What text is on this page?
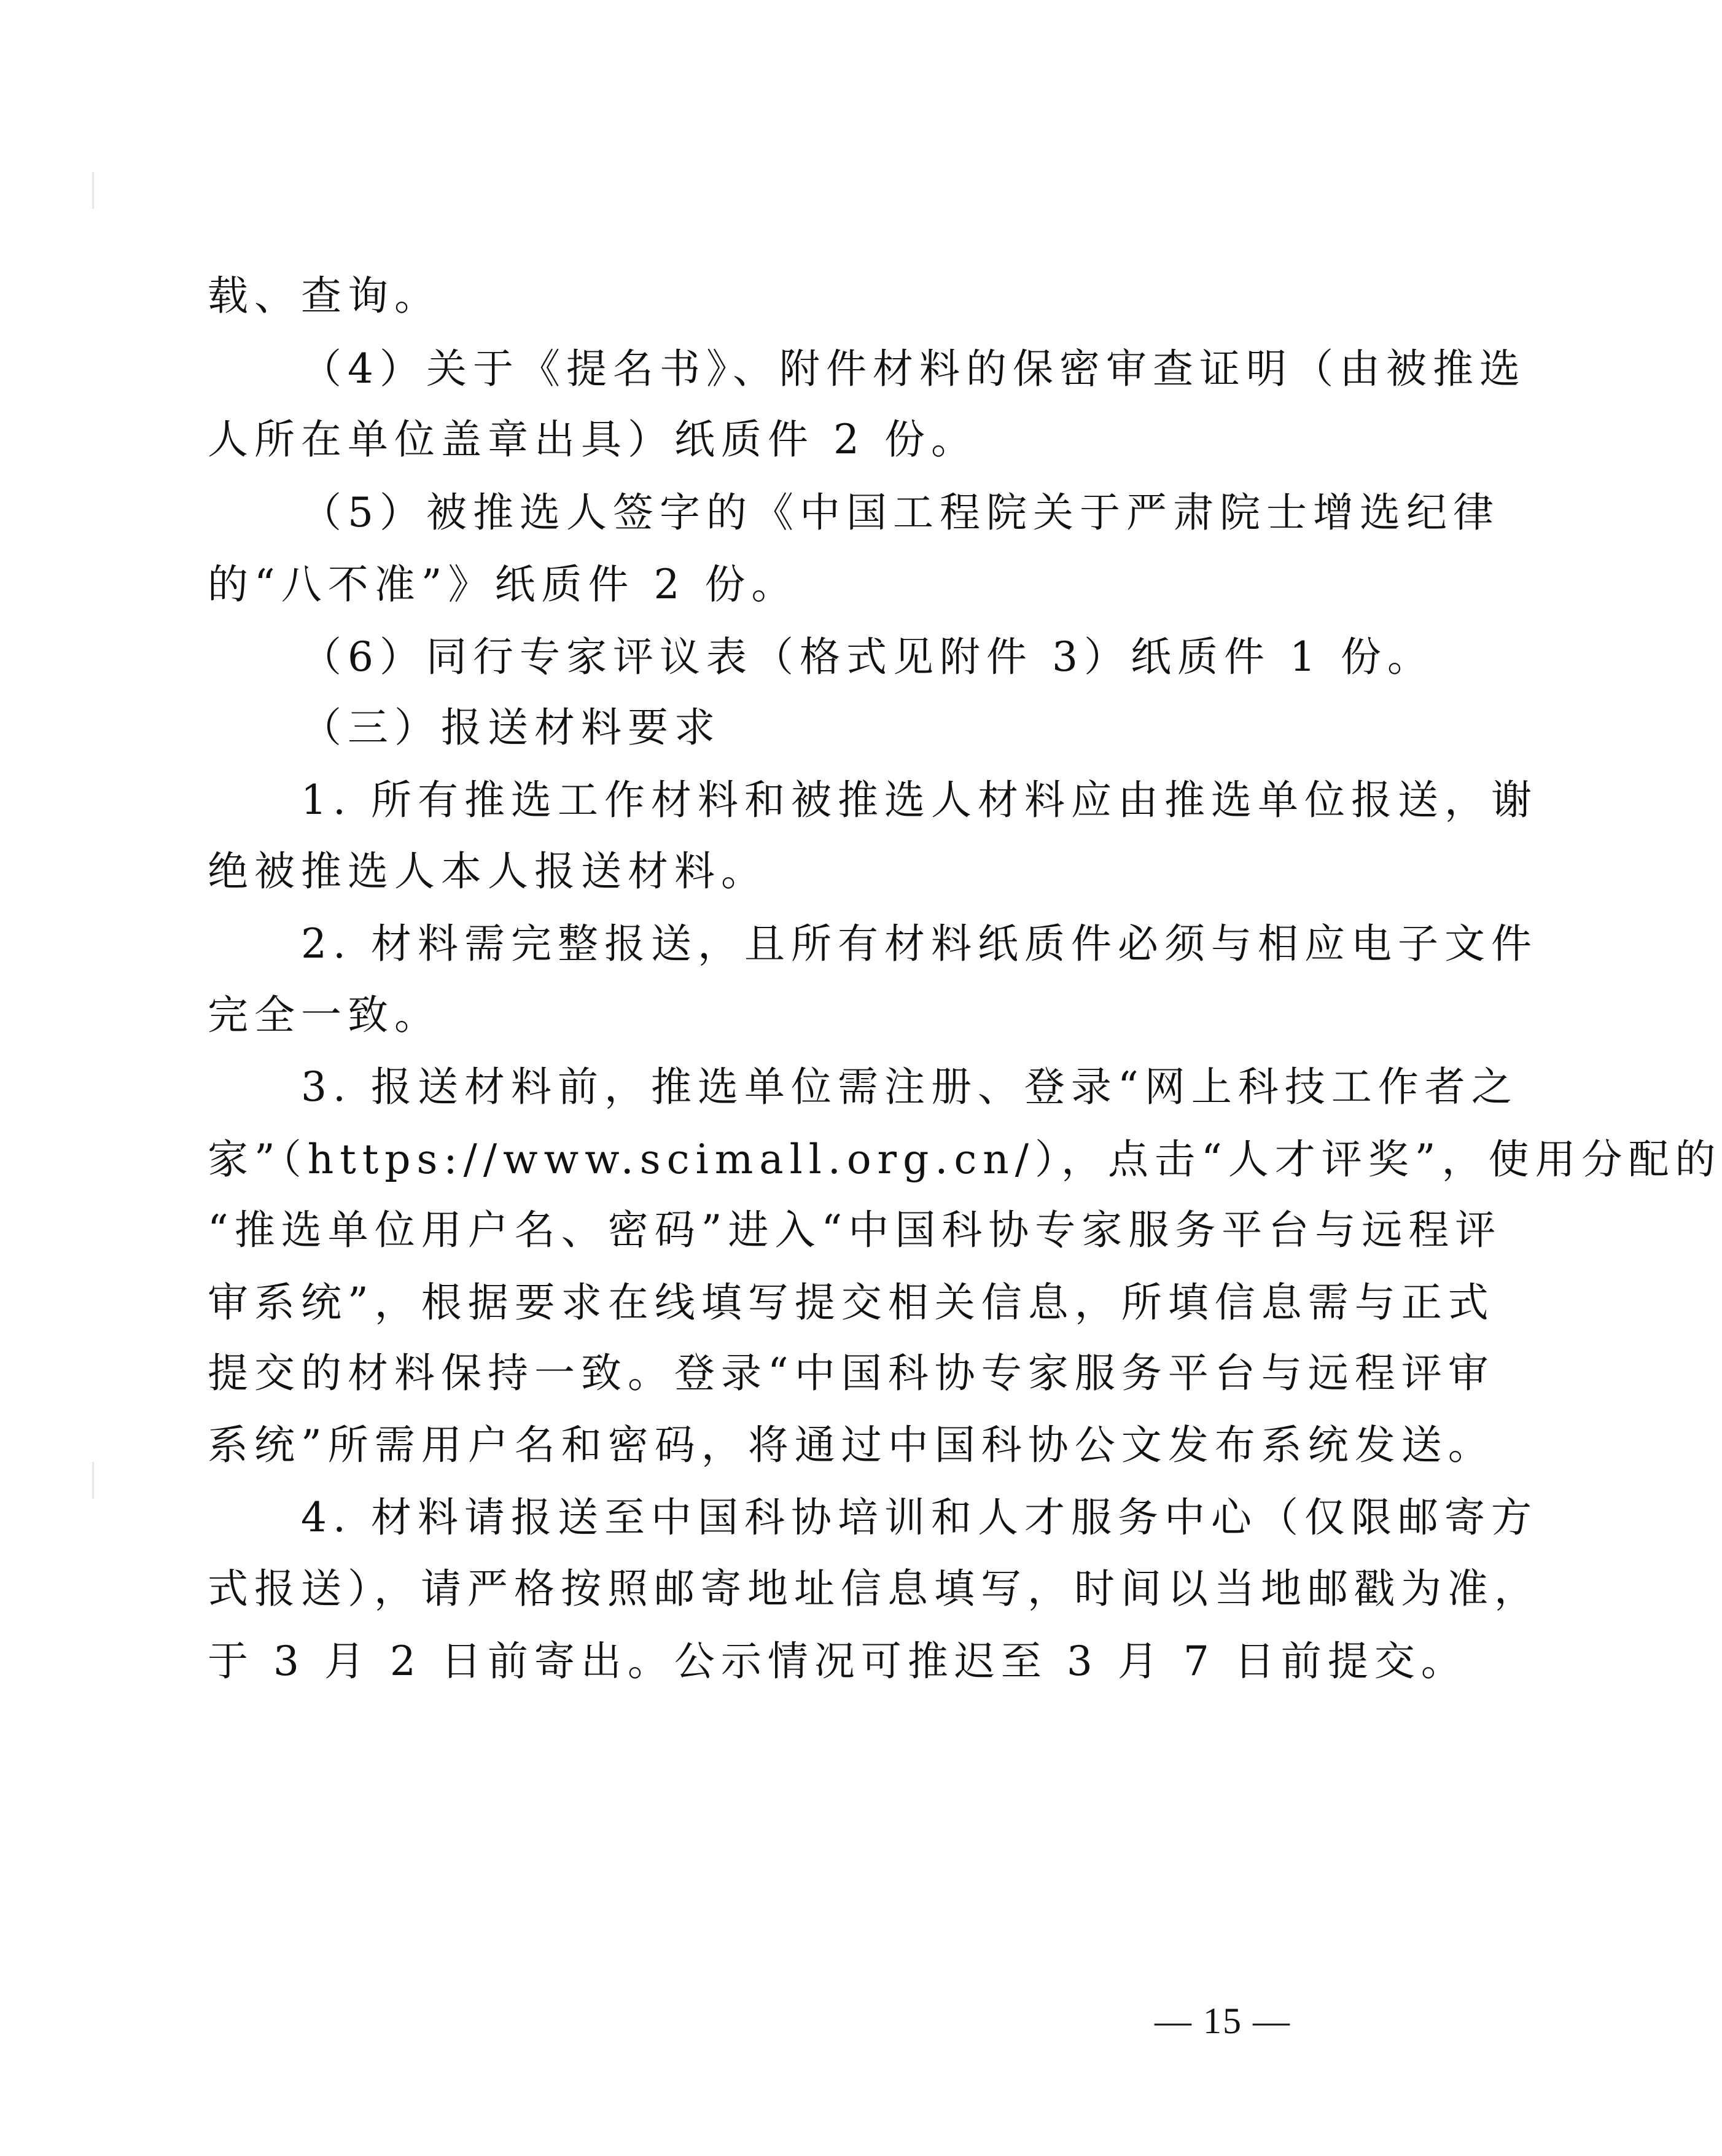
载、查询。
（4）关于《提名书》、附件材料的保密审查证明（由被推选
人所在单位盖章出具）纸质件 2 份。
（5）被推选人签字的《中国工程院关于严肃院士增选纪律
的“八不准”》纸质件 2 份。
（6）同行专家评议表（格式见附件 3）纸质件 1 份。
（三）报送材料要求
1. 所有推选工作材料和被推选人材料应由推选单位报送，谢
绝被推选人本人报送材料。
2. 材料需完整报送，且所有材料纸质件必须与相应电子文件
完全一致。
3. 报送材料前，推选单位需注册、登录“网上科技工作者之
家”（https://www.scimall.org.cn/），点击“人才评奖”，使用分配的
“推选单位用户名、密码”进入“中国科协专家服务平台与远程评
审系统”，根据要求在线填写提交相关信息，所填信息需与正式
提交的材料保持一致。登录“中国科协专家服务平台与远程评审
系统”所需用户名和密码，将通过中国科协公文发布系统发送。
4. 材料请报送至中国科协培训和人才服务中心（仅限邮寄方
式报送），请严格按照邮寄地址信息填写，时间以当地邮戳为准，
于 3 月 2 日前寄出。公示情况可推迟至 3 月 7 日前提交。
— 15 —
